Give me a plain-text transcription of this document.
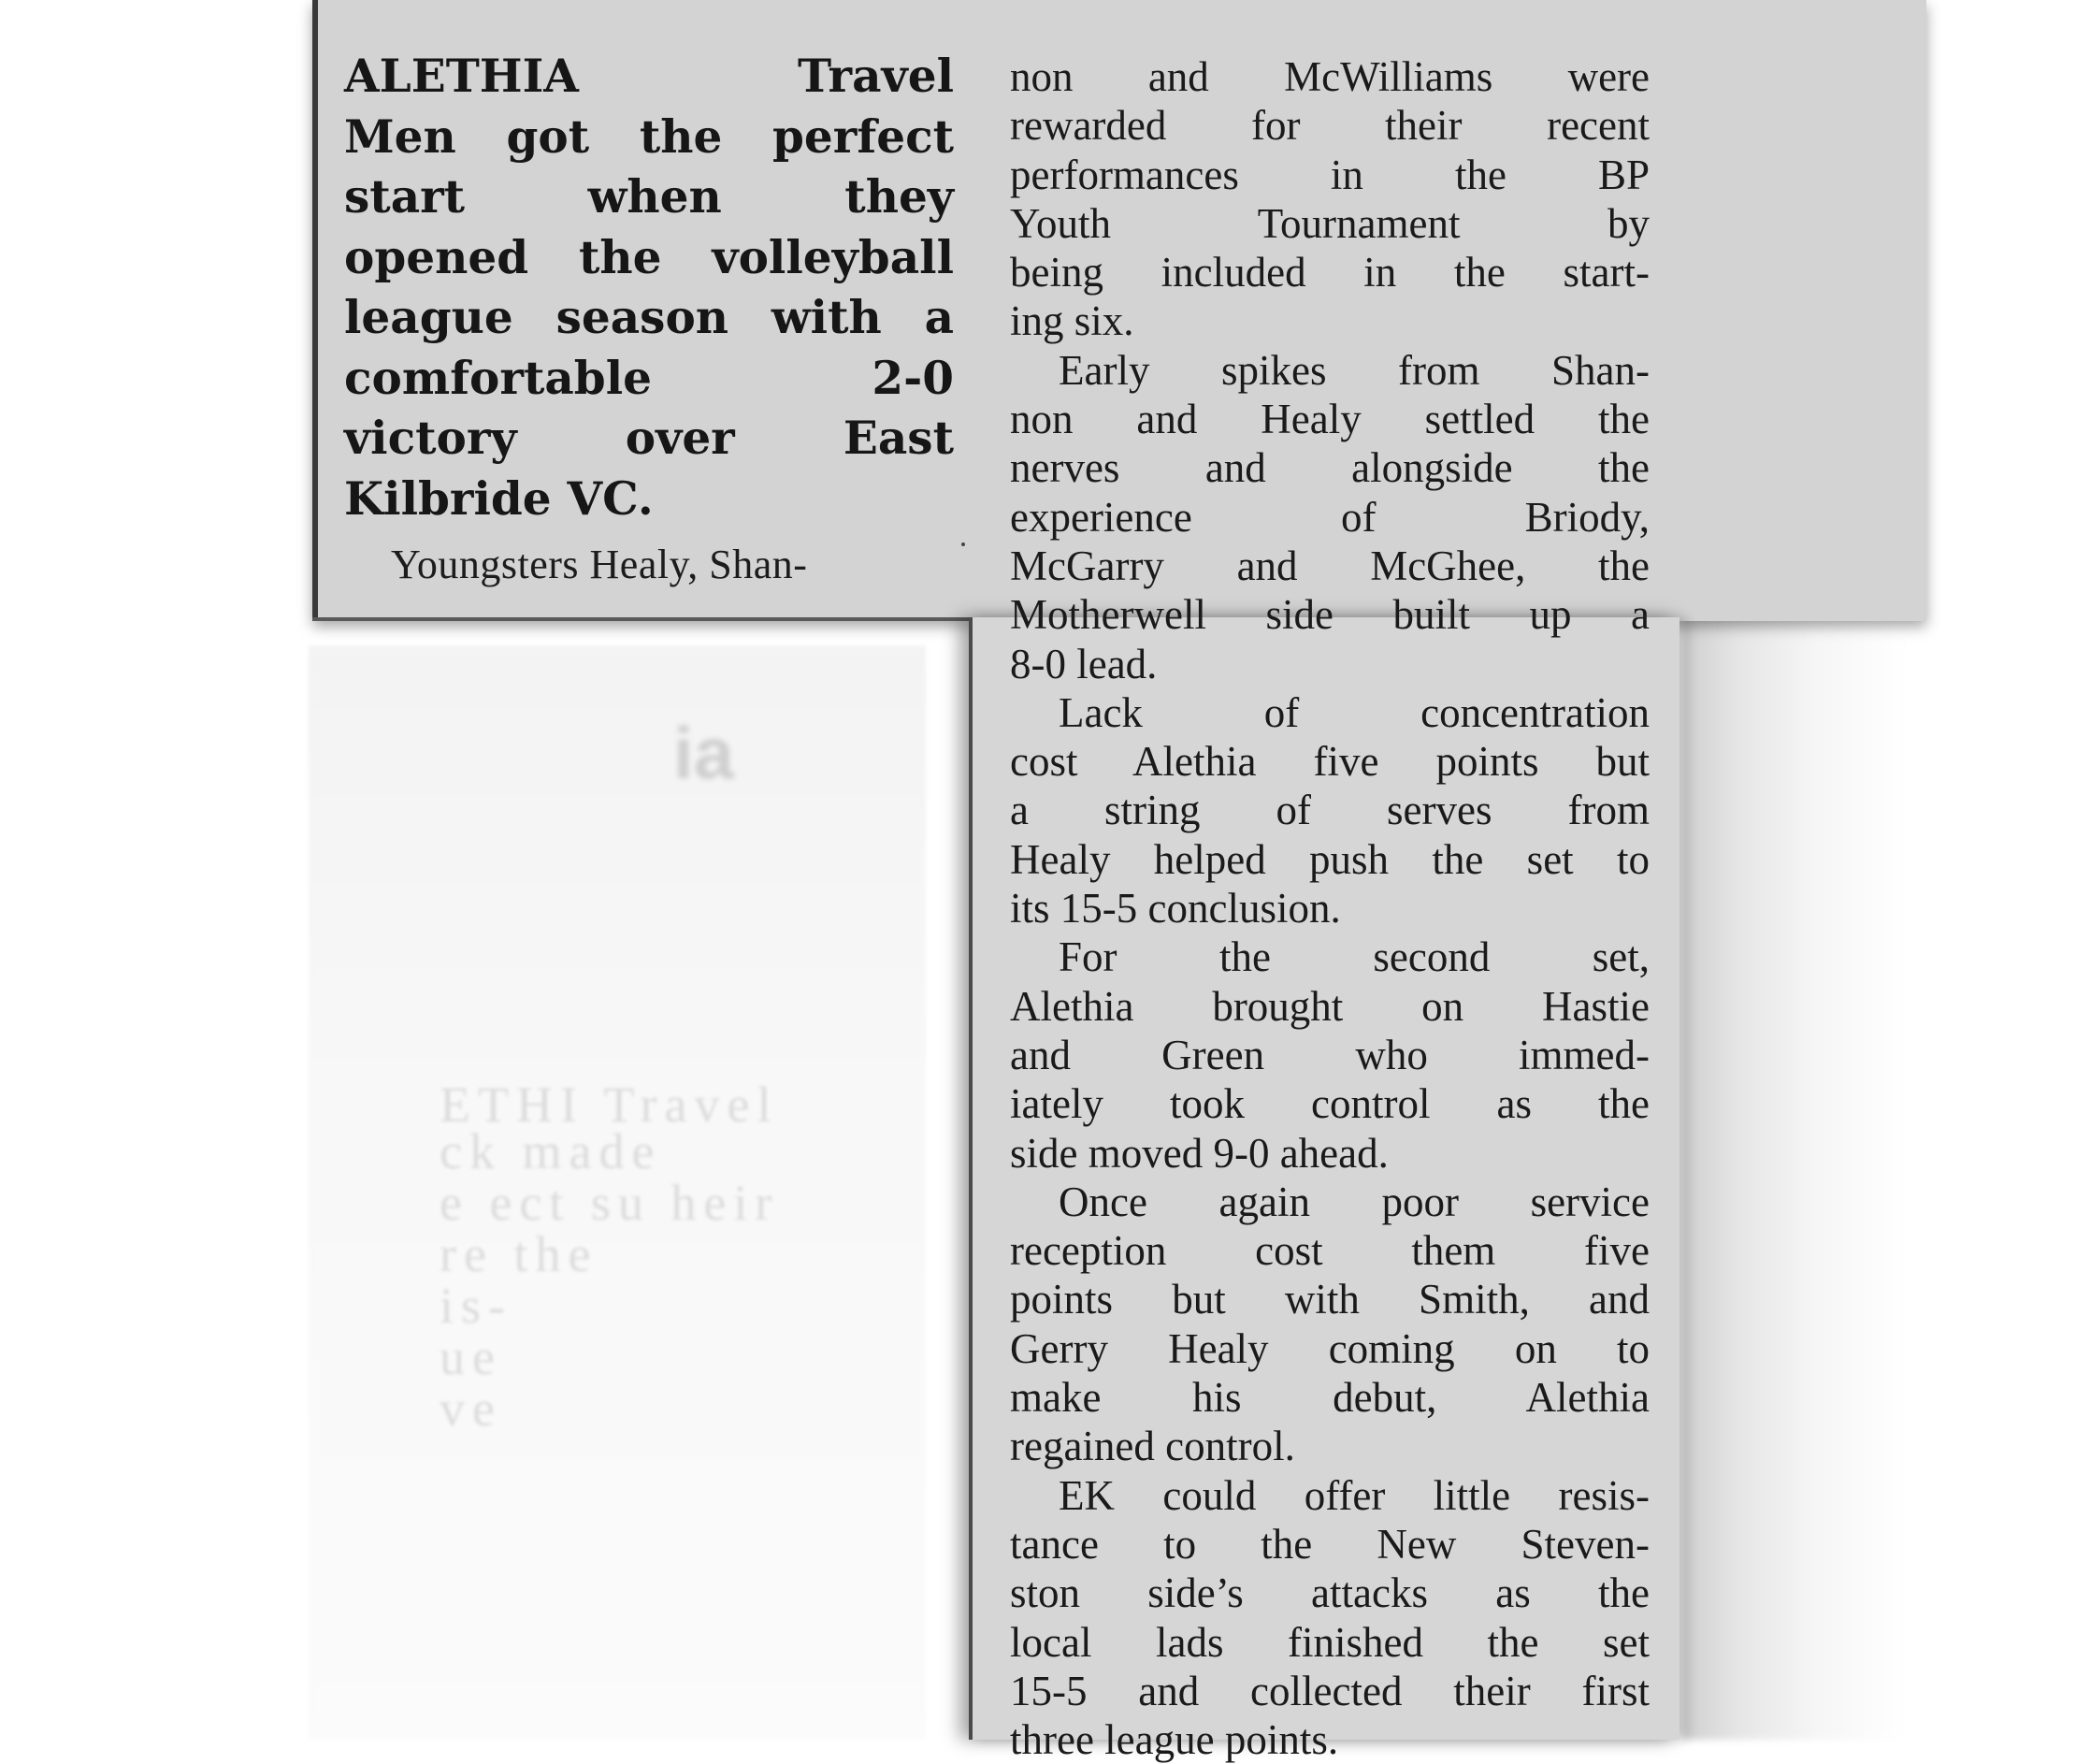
ia
ETHI Travel
ck made
e ect su heir
re the
is-
ue
ve
ALETHIA Travel
Men got the perfect
start when they
opened the volleyball
league season with a
comfortable 2-0
victory over East
Kilbride VC.
Youngsters Healy, Shan-
non and McWilliams were
rewarded for their recent
performances in the BP
Youth Tournament by
being included in the start-
ing six.
Early spikes from Shan-
non and Healy settled the
nerves and alongside the
experience of Briody,
McGarry and McGhee, the
Motherwell side built up a
8-0 lead.
Lack of concentration
cost Alethia five points but
a string of serves from
Healy helped push the set to
its 15-5 conclusion.
For the second set,
Alethia brought on Hastie
and Green who immed-
iately took control as the
side moved 9-0 ahead.
Once again poor service
reception cost them five
points but with Smith, and
Gerry Healy coming on to
make his debut, Alethia
regained control.
EK could offer little resis-
tance to the New Steven-
ston side’s attacks as the
local lads finished the set
15-5 and collected their first
three league points.
